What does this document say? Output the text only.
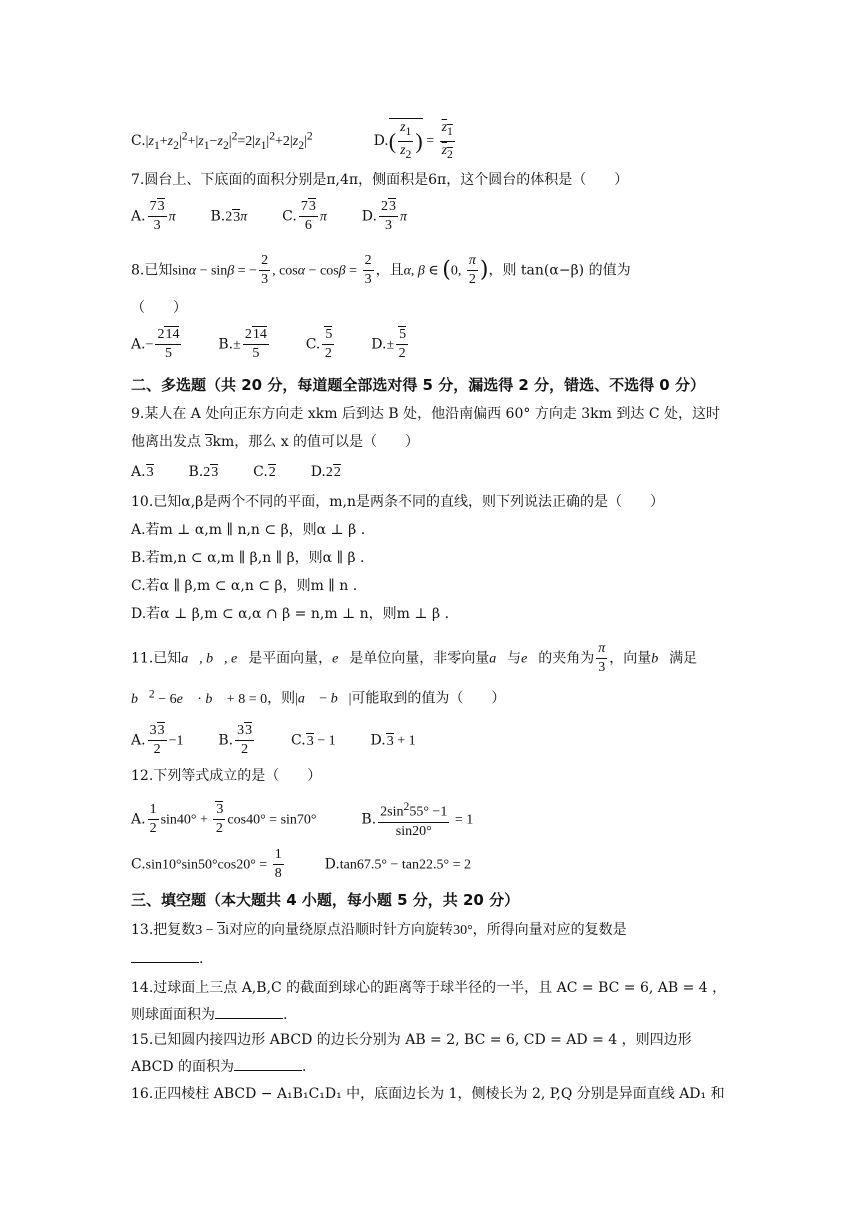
$C.|z_1+z_2|^2+|z_1-z_2|^2=2|z_1|^2+2|z_2|^2$	$D.( \frac{z_1}{z_2}$ ) = $\frac{z_1}{z_2}$
7.圆台上、下底面的面积分别是π,4π，侧面积是6π，这个圆台的体积是（　　）
A. $\frac{73}{3}$ π B.23π C. $\frac{73}{6}$ π D. $\frac{23}{3}$ π
8.已知sinα − sinβ = − $\frac{2}{3}$ , $\cos\alpha - \cos\beta = \frac{2}{3}$ ，且α, β ∈ (0, $\frac{\pi}{2}$ )，则 tan(α−β) 的值为
（　　）
$A.- \frac{214}{5}$	$B.\pm \frac{214}{5}$	C. $\frac{5}{2}$	$D.\pm \frac{5}{2}$
二、多选题（共 20 分，每道题全部选对得 5 分，漏选得 2 分，错选、不选得 0 分）
9.某人在 A 处向正东方向走 xkm 后到达 B 处，他沿南偏西 60° 方向走 3km 到达 C 处，这时
他离出发点 3km，那么 x 的值可以是（　　）
A.3 B.23 C.2 D.22
10.已知α,β是两个不同的平面，m,n是两条不同的直线，则下列说法正确的是（　　）
A.若m ⊥ α,m ∥ n,n ⊂ β，则α ⊥ β .
B.若m,n ⊂ α,m ∥ β,n ∥ β，则α ∥ β .
C.若α ∥ β,m ⊂ α,n ⊂ β，则m ∥ n .
D.若α ⊥ β,m ⊂ α,α ∩ β = n,m ⊥ n，则m ⊥ β .
11.已知a⃗, b⃗, e⃗是平面向量，e⃗是单位向量，非零向量a⃗与e⃗的夹角为 $\frac{\pi}{3}$ ，向量b⃗满足
b⃗$^2$ − 6e⃗ · b⃗ + 8 = 0，则|a⃗ − b⃗|可能取到的值为（　　）
A. $\frac{33}{2} -1$ B. $\frac{33}{2}$	C.3 − 1 D.3 + 1
12.下列等式成立的是（　　）
A. $\frac{1}{2} \sin 40^\circ + \frac{3}{2} \cos 40^\circ = \sin 70^\circ$	B. $\frac{2\sin^255^\circ -1}{\sin 20^\circ} = 1$
$C.\sin 10^\circ\sin 50^\circ\cos 20^\circ = \frac{1}{8}$	D.tan67.5° − tan22.5° = 2
三、填空题（本大题共 4 小题，每小题 5 分，共 20 分）
13.把复数3 − 3i对应的向量绕原点沿顺时针方向旋转30°，所得向量对应的复数是
.
14.过球面上三点 A,B,C 的截面到球心的距离等于球半径的一半，且 AC = BC = 6, AB = 4 ，
则球面面积为	.
15.已知圆内接四边形 ABCD 的边长分别为 AB = 2, BC = 6, CD = AD = 4 ，则四边形
ABCD 的面积为	.
16.正四棱柱 ABCD − A₁B₁C₁D₁ 中，底面边长为 1，侧棱长为 2, P,Q 分别是异面直线 AD₁ 和
